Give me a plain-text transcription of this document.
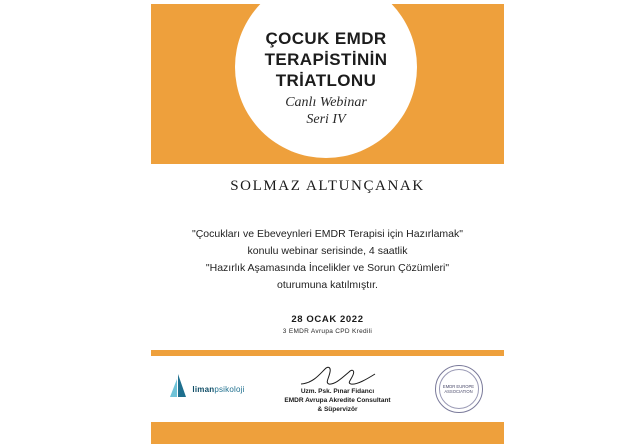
ÇOCUK EMDR
TERAPİSTİNİN
TRİATLONU
Canlı Webinar
Seri IV
SOLMAZ ALTUNÇANAK
"Çocukları ve Ebeveynleri EMDR Terapisi için Hazırlamak"
konulu webinar serisinde, 4 saatlik
"Hazırlık Aşamasında İncelikler ve Sorun Çözümleri"
oturumuna katılmıştır.
28 OCAK 2022
3 EMDR Avrupa CPD Kredili
limanpsikoloji	Uzm. Psk. Pınar Fidancı
EMDR Avrupa Akredite Consultant
& Süpervizör
EMDR EUROPE ASSOCIATION
